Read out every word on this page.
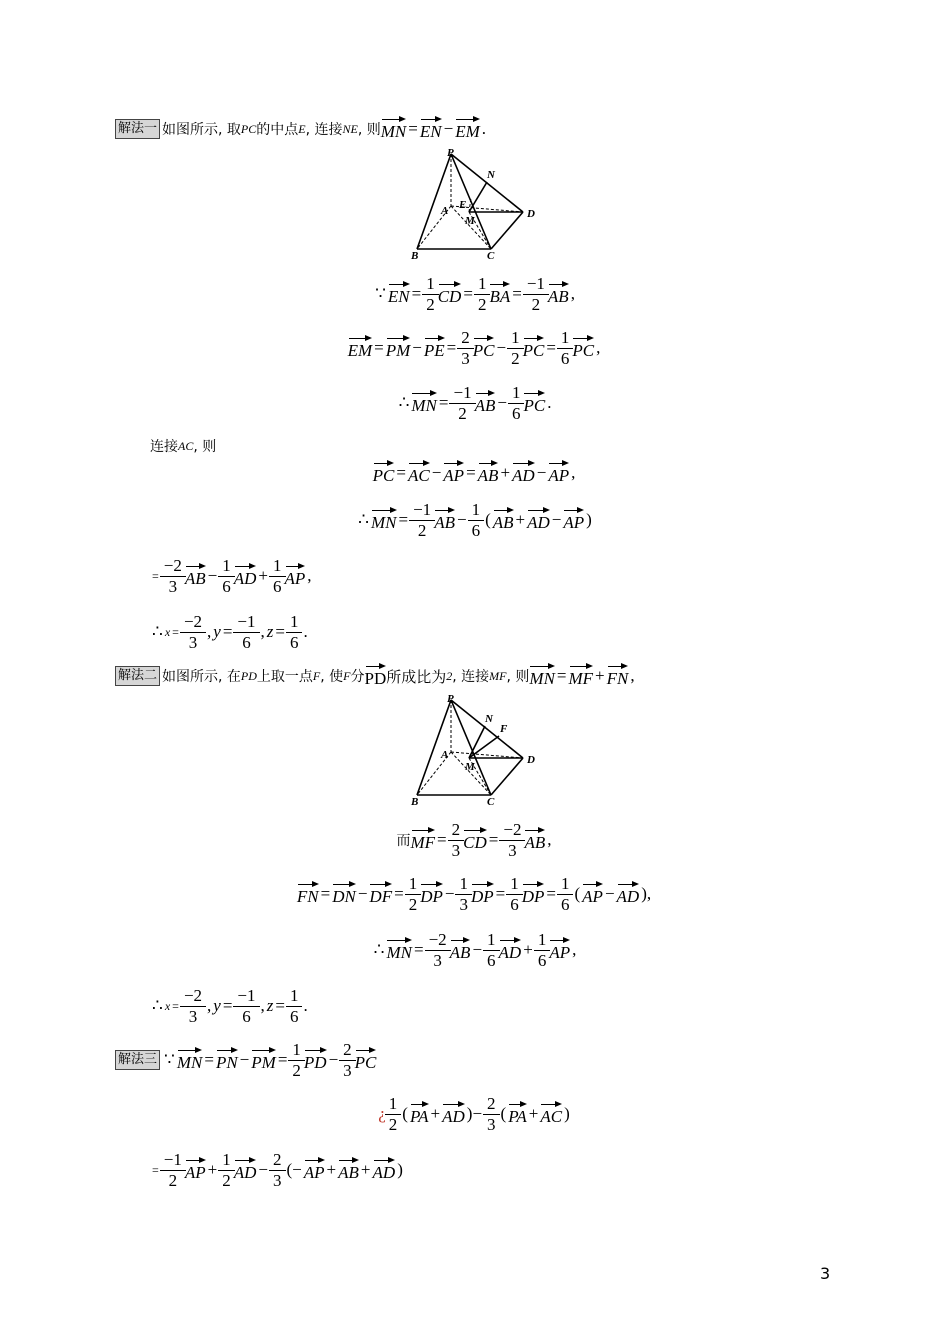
解法一 如图所示, 取 PC 的中点 E , 连接 NE , 则 MN = EN − EM .
P
N
E
A
M
D
B	C
∵ EN = $\frac{1}{2}$ CD = $\frac{1}{2}$ BA = $\frac{-1}{2}$ AB ,
EM = PM − PE = $\frac{2}{3}$ PC − $\frac{1}{2}$ PC = $\frac{1}{6}$ PC ,
∴ MN = $\frac{-1}{2}$ AB − $\frac{1}{6}$ PC .
连接 AC , 则
PC = AC − AP = AB + AD − AP ,
∴ MN = $\frac{-1}{2}$ AB − $\frac{1}{6}$ ( AB + AD − AP )
= $\frac{-2}{3}$ AB − $\frac{1}{6}$ AD + $\frac{1}{6}$ AP ,
∴ $x = \frac{-2}{3}$ , $y = \frac{-1}{6}$ , $z = \frac{1}{6}$ .
解法二 如图所示, 在 PD 上取一点 F , 使 F 分 PD 所成比为 2 , 连接 MF , 则 MN = MF + FN ,
P
N
F
A
M
D
B	C
而 MF = $\frac{2}{3}$ CD = $\frac{-2}{3}$ AB ,
FN = DN − DF = $\frac{1}{2}$ DP − $\frac{1}{3}$ DP = $\frac{1}{6}$ DP = $\frac{1}{6}$ ( AP − AD ),
∴ MN = $\frac{-2}{3}$ AB − $\frac{1}{6}$ AD + $\frac{1}{6}$ AP ,
∴ $x = \frac{-2}{3}$ , $y = \frac{-1}{6}$ , $z = \frac{1}{6}$ .
解法三 ∵ MN = PN − PM = $\frac{1}{2}$ PD − $\frac{2}{3}$ PC
¿ $\frac{1}{2}$ ( PA + AD )− $\frac{2}{3}$ ( PA + AC )
= $\frac{-1}{2}$ AP + $\frac{1}{2}$ AD − $\frac{2}{3}$ (− AP + AB + AD )
3
